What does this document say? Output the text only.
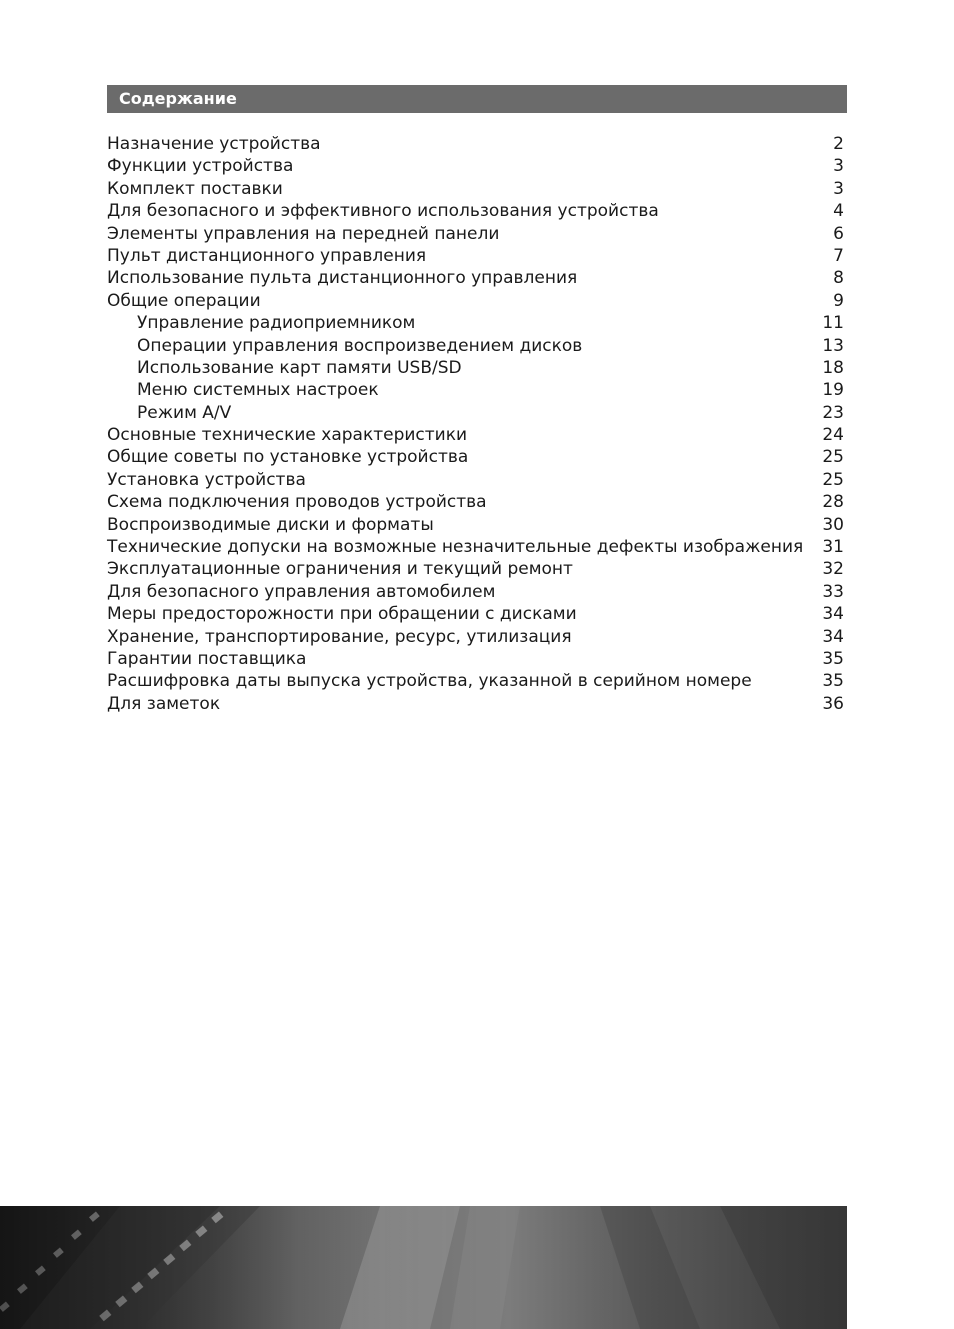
Содержание
Назначение устройства	2
Функции устройства	3
Комплект поставки	3
Для безопасного и эффективного использования устройства	4
Элементы управления на передней панели	6
Пульт дистанционного управления	7
Использование пульта дистанционного управления	8
Общие операции	9
Управление радиоприемником	11
Операции управления воспроизведением дисков	13
Использование карт памяти USB/SD	18
Меню системных настроек	19
Режим A/V	23
Основные технические характеристики	24
Общие советы по установке устройства	25
Установка устройства	25
Схема подключения проводов устройства	28
Воспроизводимые диски и форматы	30
Технические допуски на возможные незначительные дефекты изображения	31
Эксплуатационные ограничения и текущий ремонт	32
Для безопасного управления автомобилем	33
Меры предосторожности при обращении с дисками	34
Хранение, транспортирование, ресурс, утилизация	34
Гарантии поставщика	35
Расшифровка даты выпуска устройства, указанной в серийном номере	35
Для заметок	36
